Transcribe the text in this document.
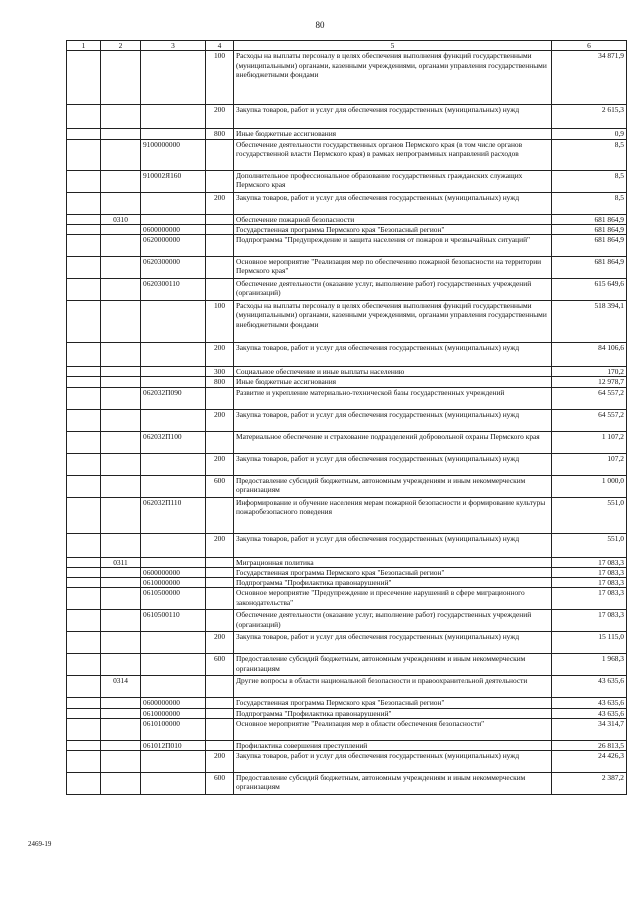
80
1	2	3	4	5	6
			100	Расходы на выплаты персоналу в целях обеспечения выполнения функций государственными (муниципальными) органами, казенными учреждениями, органами управления государственными внебюджетными фондами	34 871,9
			200	Закупка товаров, работ и услуг для обеспечения государственных (муниципальных) нужд	2 615,3
			800	Иные бюджетные ассигнования	0,9
		9100000000		Обеспечение деятельности государственных органов Пермского края (в том числе органов государственной власти Пермского края) в рамках непрограммных направлений расходов	8,5
		910002Я160		Дополнительное профессиональное образование государственных гражданских служащих Пермского края	8,5
			200	Закупка товаров, работ и услуг для обеспечения государственных (муниципальных) нужд	8,5
	0310			Обеспечение пожарной безопасности	681 864,9
		0600000000		Государственная программа Пермского края "Безопасный регион"	681 864,9
		0620000000		Подпрограмма "Предупреждение и защита населения от пожаров и чрезвычайных ситуаций"	681 864,9
		0620300000		Основное мероприятие "Реализация мер по обеспечению пожарной безопасности на территории Пермского края"	681 864,9
		0620300110		Обеспечение деятельности (оказание услуг, выполнение работ) государственных учреждений (организаций)	615 649,6
			100	Расходы на выплаты персоналу в целях обеспечения выполнения функций государственными (муниципальными) органами, казенными учреждениями, органами управления государственными внебюджетными фондами	518 394,1
			200	Закупка товаров, работ и услуг для обеспечения государственных (муниципальных) нужд	84 106,6
			300	Социальное обеспечение и иные выплаты населению	170,2
			800	Иные бюджетные ассигнования	12 978,7
		062032П090		Развитие и укрепление материально-технической базы государственных учреждений	64 557,2
			200	Закупка товаров, работ и услуг для обеспечения государственных (муниципальных) нужд	64 557,2
		062032П100		Материальное обеспечение и страхование подразделений добровольной охраны Пермского края	1 107,2
			200	Закупка товаров, работ и услуг для обеспечения государственных (муниципальных) нужд	107,2
			600	Предоставление субсидий бюджетным, автономным учреждениям и иным некоммерческим организациям	1 000,0
		062032П110		Информирование и обучение населения мерам пожарной безопасности и формирование культуры пожаробезопасного поведения	551,0
			200	Закупка товаров, работ и услуг для обеспечения государственных (муниципальных) нужд	551,0
	0311			Миграционная политика	17 083,3
		0600000000		Государственная программа Пермского края "Безопасный регион"	17 083,3
		0610000000		Подпрограмма "Профилактика правонарушений"	17 083,3
		0610500000		Основное мероприятие "Предупреждение и пресечение нарушений в сфере миграционного законодательства"	17 083,3
		0610500110		Обеспечение деятельности (оказание услуг, выполнение работ) государственных учреждений (организаций)	17 083,3
			200	Закупка товаров, работ и услуг для обеспечения государственных (муниципальных) нужд	15 115,0
			600	Предоставление субсидий бюджетным, автономным учреждениям и иным некоммерческим организациям	1 968,3
	0314			Другие вопросы в области национальной безопасности и правоохранительной деятельности	43 635,6
		0600000000		Государственная программа Пермского края "Безопасный регион"	43 635,6
		0610000000		Подпрограмма "Профилактика правонарушений"	43 635,6
		0610100000		Основное мероприятие "Реализация мер в области обеспечения безопасности"	34 314,7
		061012П010		Профилактика совершения преступлений	26 813,5
			200	Закупка товаров, работ и услуг для обеспечения государственных (муниципальных) нужд	24 426,3
			600	Предоставление субсидий бюджетным, автономным учреждениям и иным некоммерческим организациям	2 387,2
2469-19
